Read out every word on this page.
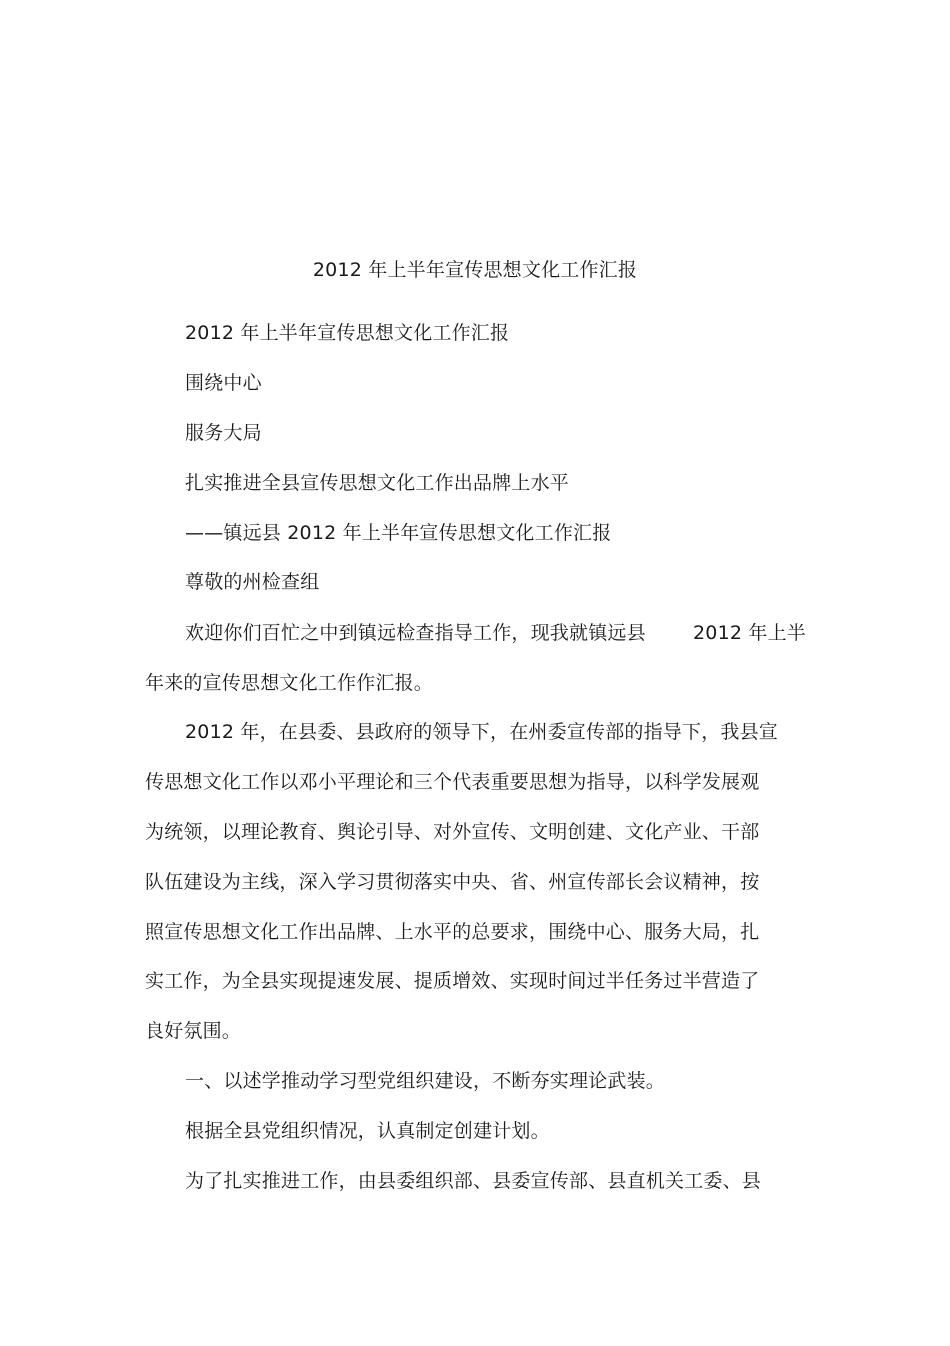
2012 年上半年宣传思想文化工作汇报
2012 年上半年宣传思想文化工作汇报
围绕中心
服务大局
扎实推进全县宣传思想文化工作出品牌上水平
——镇远县 2012 年上半年宣传思想文化工作汇报
尊敬的州检查组
欢迎你们百忙之中到镇远检查指导工作，现我就镇远县 2012 年上半
年来的宣传思想文化工作作汇报。
2012 年，在县委、县政府的领导下，在州委宣传部的指导下，我县宣
传思想文化工作以邓小平理论和三个代表重要思想为指导，以科学发展观
为统领，以理论教育、舆论引导、对外宣传、文明创建、文化产业、干部
队伍建设为主线，深入学习贯彻落实中央、省、州宣传部长会议精神，按
照宣传思想文化工作出品牌、上水平的总要求，围绕中心、服务大局，扎
实工作，为全县实现提速发展、提质增效、实现时间过半任务过半营造了
良好氛围。
一、以述学推动学习型党组织建设，不断夯实理论武装。
根据全县党组织情况，认真制定创建计划。
为了扎实推进工作，由县委组织部、县委宣传部、县直机关工委、县
